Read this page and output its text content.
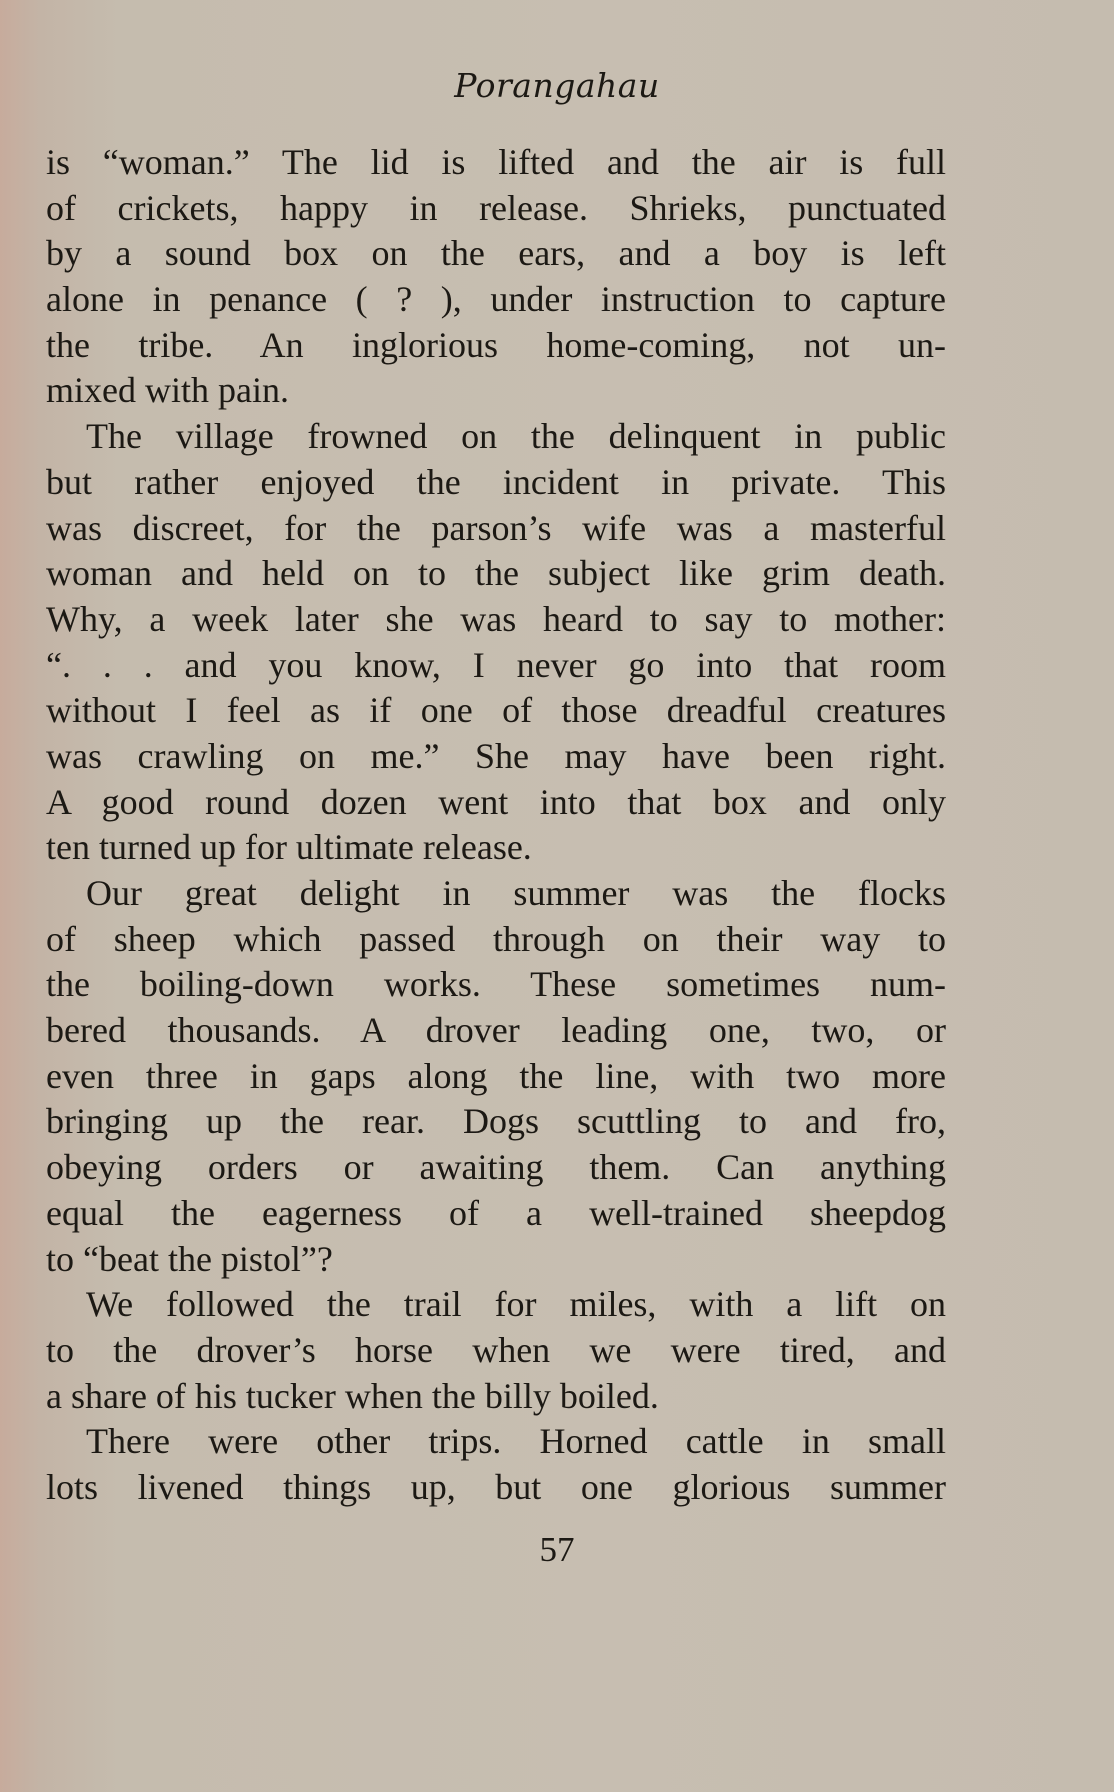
Porangahau
is “woman.” The lid is lifted and the air is full
of crickets, happy in release. Shrieks, punctuated
by a sound box on the ears, and a boy is left
alone in penance ( ? ), under instruction to capture
the tribe. An inglorious home-coming, not un-
mixed with pain.
The village frowned on the delinquent in public
but rather enjoyed the incident in private. This
was discreet, for the parson’s wife was a masterful
woman and held on to the subject like grim death.
Why, a week later she was heard to say to mother:
“. . . and you know, I never go into that room
without I feel as if one of those dreadful creatures
was crawling on me.” She may have been right.
A good round dozen went into that box and only
ten turned up for ultimate release.
Our great delight in summer was the flocks
of sheep which passed through on their way to
the boiling-down works. These sometimes num-
bered thousands. A drover leading one, two, or
even three in gaps along the line, with two more
bringing up the rear. Dogs scuttling to and fro,
obeying orders or awaiting them. Can anything
equal the eagerness of a well-trained sheepdog
to “beat the pistol”?
We followed the trail for miles, with a lift on
to the drover’s horse when we were tired, and
a share of his tucker when the billy boiled.
There were other trips. Horned cattle in small
lots livened things up, but one glorious summer
57
